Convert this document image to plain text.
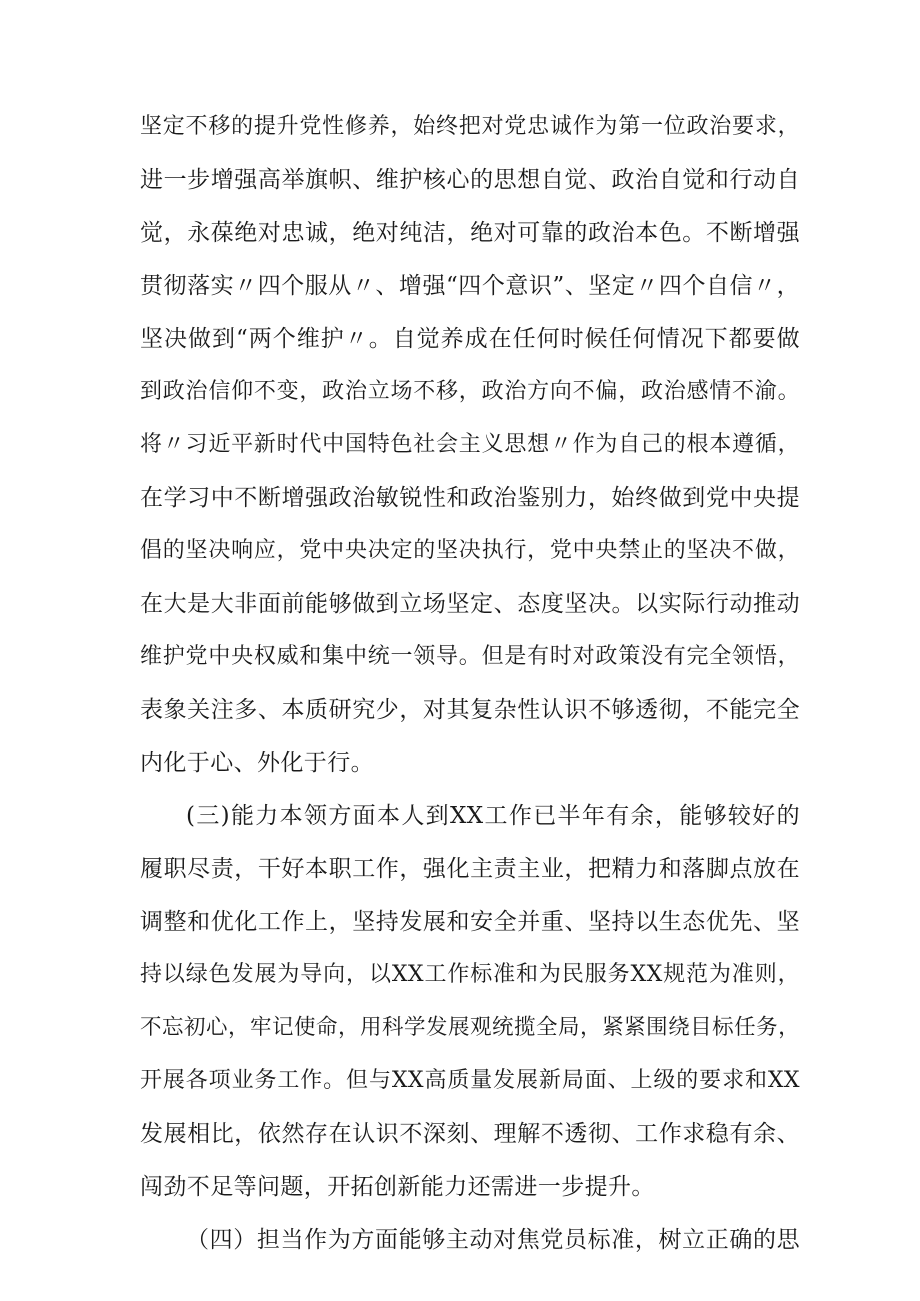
坚定不移的提升党性修养，始终把对党忠诚作为第一位政治要求，
进一步增强高举旗帜、维护核心的思想自觉、政治自觉和行动自
觉，永葆绝对忠诚，绝对纯洁，绝对可靠的政治本色。不断增强
贯彻落实〃四个服从〃、增强“四个意识”、坚定〃四个自信〃，
坚决做到“两个维护〃。自觉养成在任何时候任何情况下都要做
到政治信仰不变，政治立场不移，政治方向不偏，政治感情不渝。
将〃习近平新时代中国特色社会主义思想〃作为自己的根本遵循，
在学习中不断增强政治敏锐性和政治鉴别力，始终做到党中央提
倡的坚决响应，党中央决定的坚决执行，党中央禁止的坚决不做，
在大是大非面前能够做到立场坚定、态度坚决。以实际行动推动
维护党中央权威和集中统一领导。但是有时对政策没有完全领悟，
表象关注多、本质研究少，对其复杂性认识不够透彻，不能完全
内化于心、外化于行。
(三)能力本领方面本人到XX工作已半年有余，能够较好的
履职尽责，干好本职工作，强化主责主业，把精力和落脚点放在
调整和优化工作上，坚持发展和安全并重、坚持以生态优先、坚
持以绿色发展为导向，以XX工作标准和为民服务XX规范为准则，
不忘初心，牢记使命，用科学发展观统揽全局，紧紧围绕目标任务，
开展各项业务工作。但与XX高质量发展新局面、上级的要求和XX
发展相比，依然存在认识不深刻、理解不透彻、工作求稳有余、
闯劲不足等问题，开拓创新能力还需进一步提升。
（四）担当作为方面能够主动对焦党员标准，树立正确的思
